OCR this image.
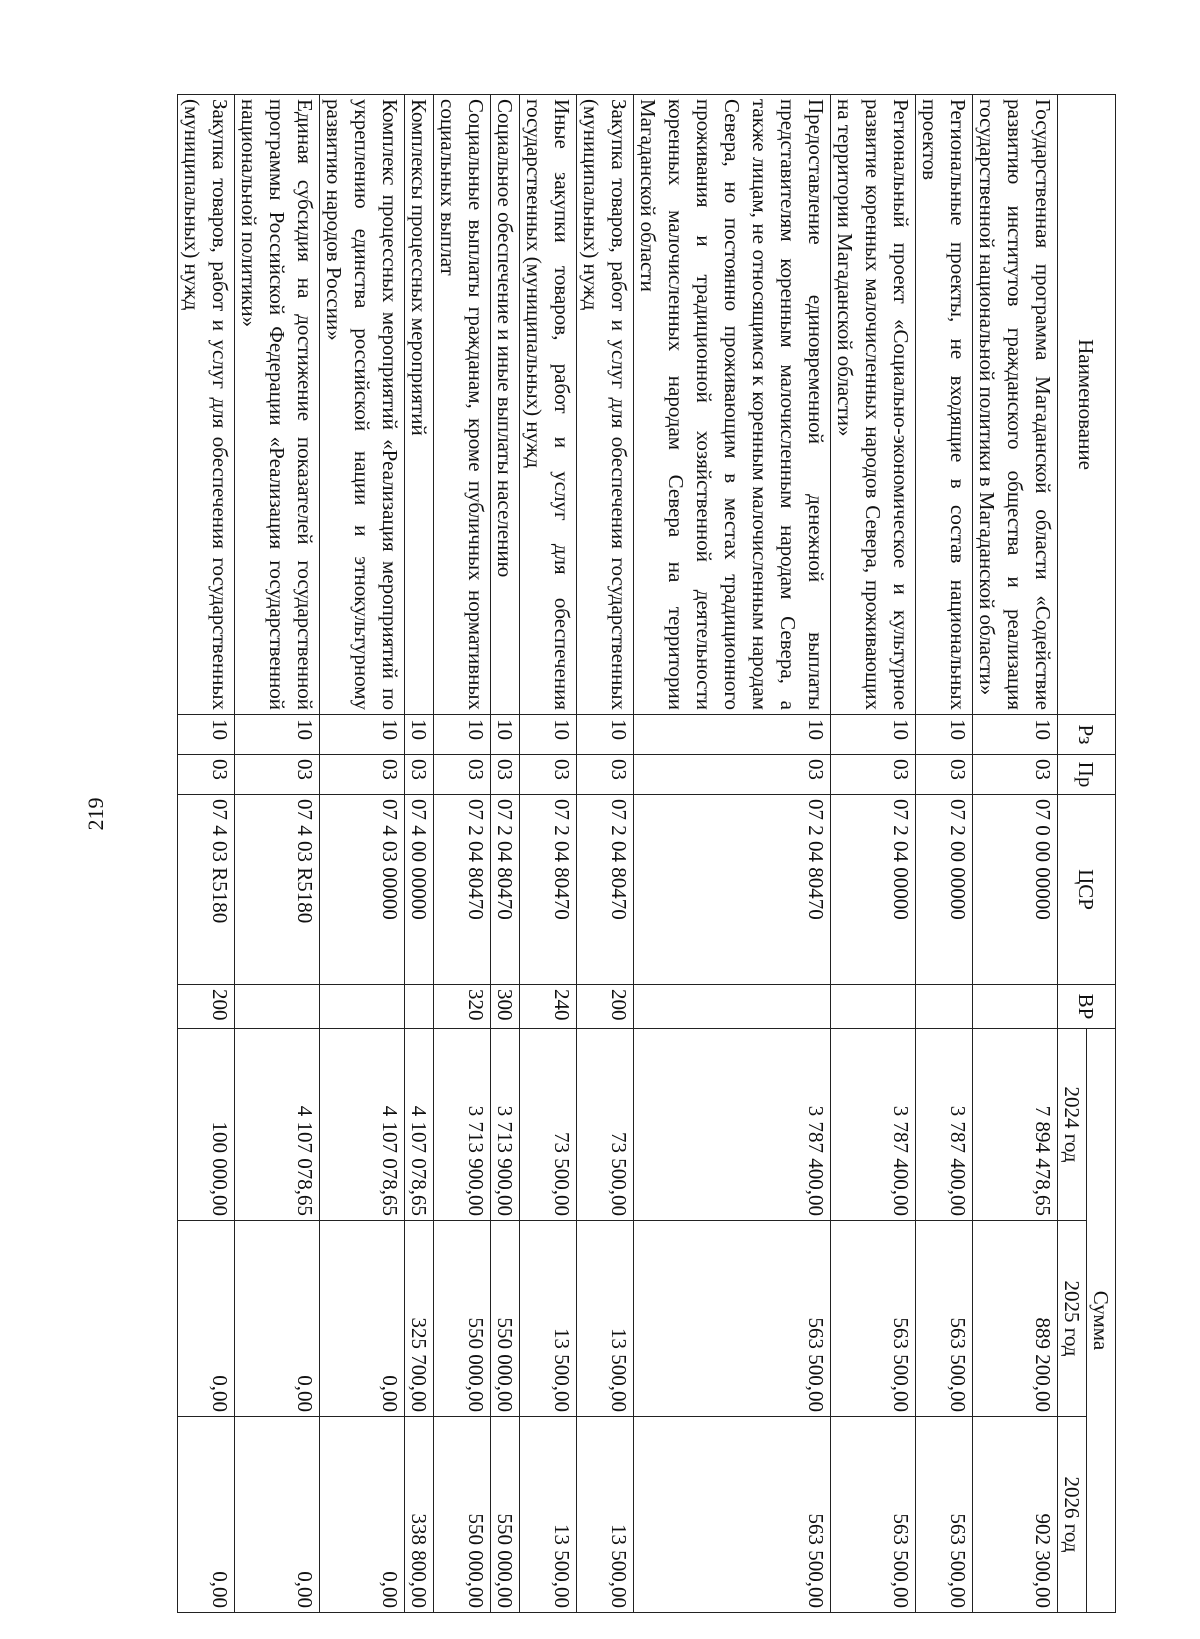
219
Наименование	Рз	Пр	ЦСР	ВР	Сумма		
					2024 год	2025 год	2026 год
Государственная программа Магаданской области «Содействие развитию институтов гражданского общества и реализация государственной национальной политики в Магаданской области»	10	03	07 0 00 00000		7 894 478,65	889 200,00	902 300,00
Региональные проекты, не входящие в состав национальных проектов	10	03	07 2 00 00000		3 787 400,00	563 500,00	563 500,00
Региональный проект «Социально-экономическое и культурное развитие коренных малочисленных народов Севера, проживающих на территории Магаданской области»	10	03	07 2 04 00000		3 787 400,00	563 500,00	563 500,00
Предоставление единовременной денежной выплаты представителям коренным малочисленным народам Севера, а также лицам, не относящимся к коренным малочисленным народам Севера, но постоянно проживающим в местах традиционного проживания и традиционной хозяйственной деятельности коренных малочисленных народам Севера на территории Магаданской области	10	03	07 2 04 80470		3 787 400,00	563 500,00	563 500,00
Закупка товаров, работ и услуг для обеспечения государственных (муниципальных) нужд	10	03	07 2 04 80470	200	73 500,00	13 500,00	13 500,00
Иные закупки товаров, работ и услуг для обеспечения государственных (муниципальных) нужд	10	03	07 2 04 80470	240	73 500,00	13 500,00	13 500,00
Социальное обеспечение и иные выплаты населению	10	03	07 2 04 80470	300	3 713 900,00	550 000,00	550 000,00
Социальные выплаты гражданам, кроме публичных нормативных социальных выплат	10	03	07 2 04 80470	320	3 713 900,00	550 000,00	550 000,00
Комплексы процессных мероприятий	10	03	07 4 00 00000		4 107 078,65	325 700,00	338 800,00
Комплекс процессных мероприятий «Реализация мероприятий по укреплению единства российской нации и этнокультурному развитию народов России»	10	03	07 4 03 00000		4 107 078,65	0,00	0,00
Единая субсидия на достижение показателей государственной программы Российской Федерации «Реализация государственной национальной политики»	10	03	07 4 03 R5180		4 107 078,65	0,00	0,00
Закупка товаров, работ и услуг для обеспечения государственных (муниципальных) нужд	10	03	07 4 03 R5180	200	100 000,00	0,00	0,00
